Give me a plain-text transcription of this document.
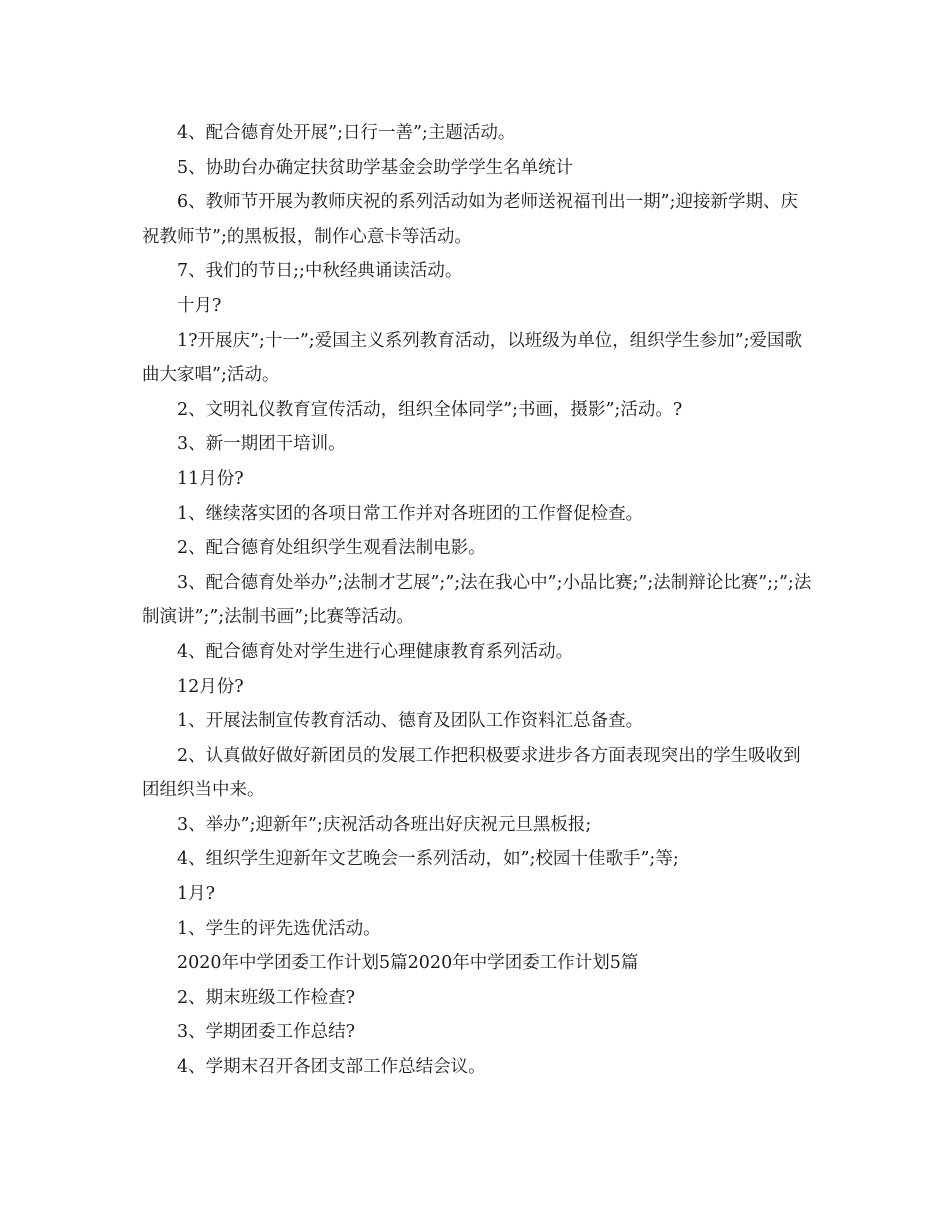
4、配合德育处开展”;日行一善”;主题活动。

5、协助台办确定扶贫助学基金会助学学生名单统计

6、教师节开展为教师庆祝的系列活动如为老师送祝福刊出一期”;迎接新学期、庆祝教师节”;的黑板报，制作心意卡等活动。

7、我们的节日;;中秋经典诵读活动。

十月?

1?开展庆”;十一”;爱国主义系列教育活动，以班级为单位，组织学生参加”;爱国歌曲大家唱”;活动。

2、文明礼仪教育宣传活动，组织全体同学”;书画，摄影”;活动。?

3、新一期团干培训。

11月份?

1、继续落实团的各项日常工作并对各班团的工作督促检查。

2、配合德育处组织学生观看法制电影。

3、配合德育处举办”;法制才艺展”;”;法在我心中”;小品比赛;”;法制辩论比赛”;;”;法制演讲”;”;法制书画”;比赛等活动。

4、配合德育处对学生进行心理健康教育系列活动。

12月份?

1、开展法制宣传教育活动、德育及团队工作资料汇总备查。

2、认真做好做好新团员的发展工作把积极要求进步各方面表现突出的学生吸收到团组织当中来。

3、举办”;迎新年”;庆祝活动各班出好庆祝元旦黑板报;

4、组织学生迎新年文艺晚会一系列活动，如”;校园十佳歌手”;等;

1月?

1、学生的评先选优活动。

2020年中学团委工作计划5篇2020年中学团委工作计划5篇

2、期末班级工作检查?

3、学期团委工作总结?

4、学期末召开各团支部工作总结会议。
